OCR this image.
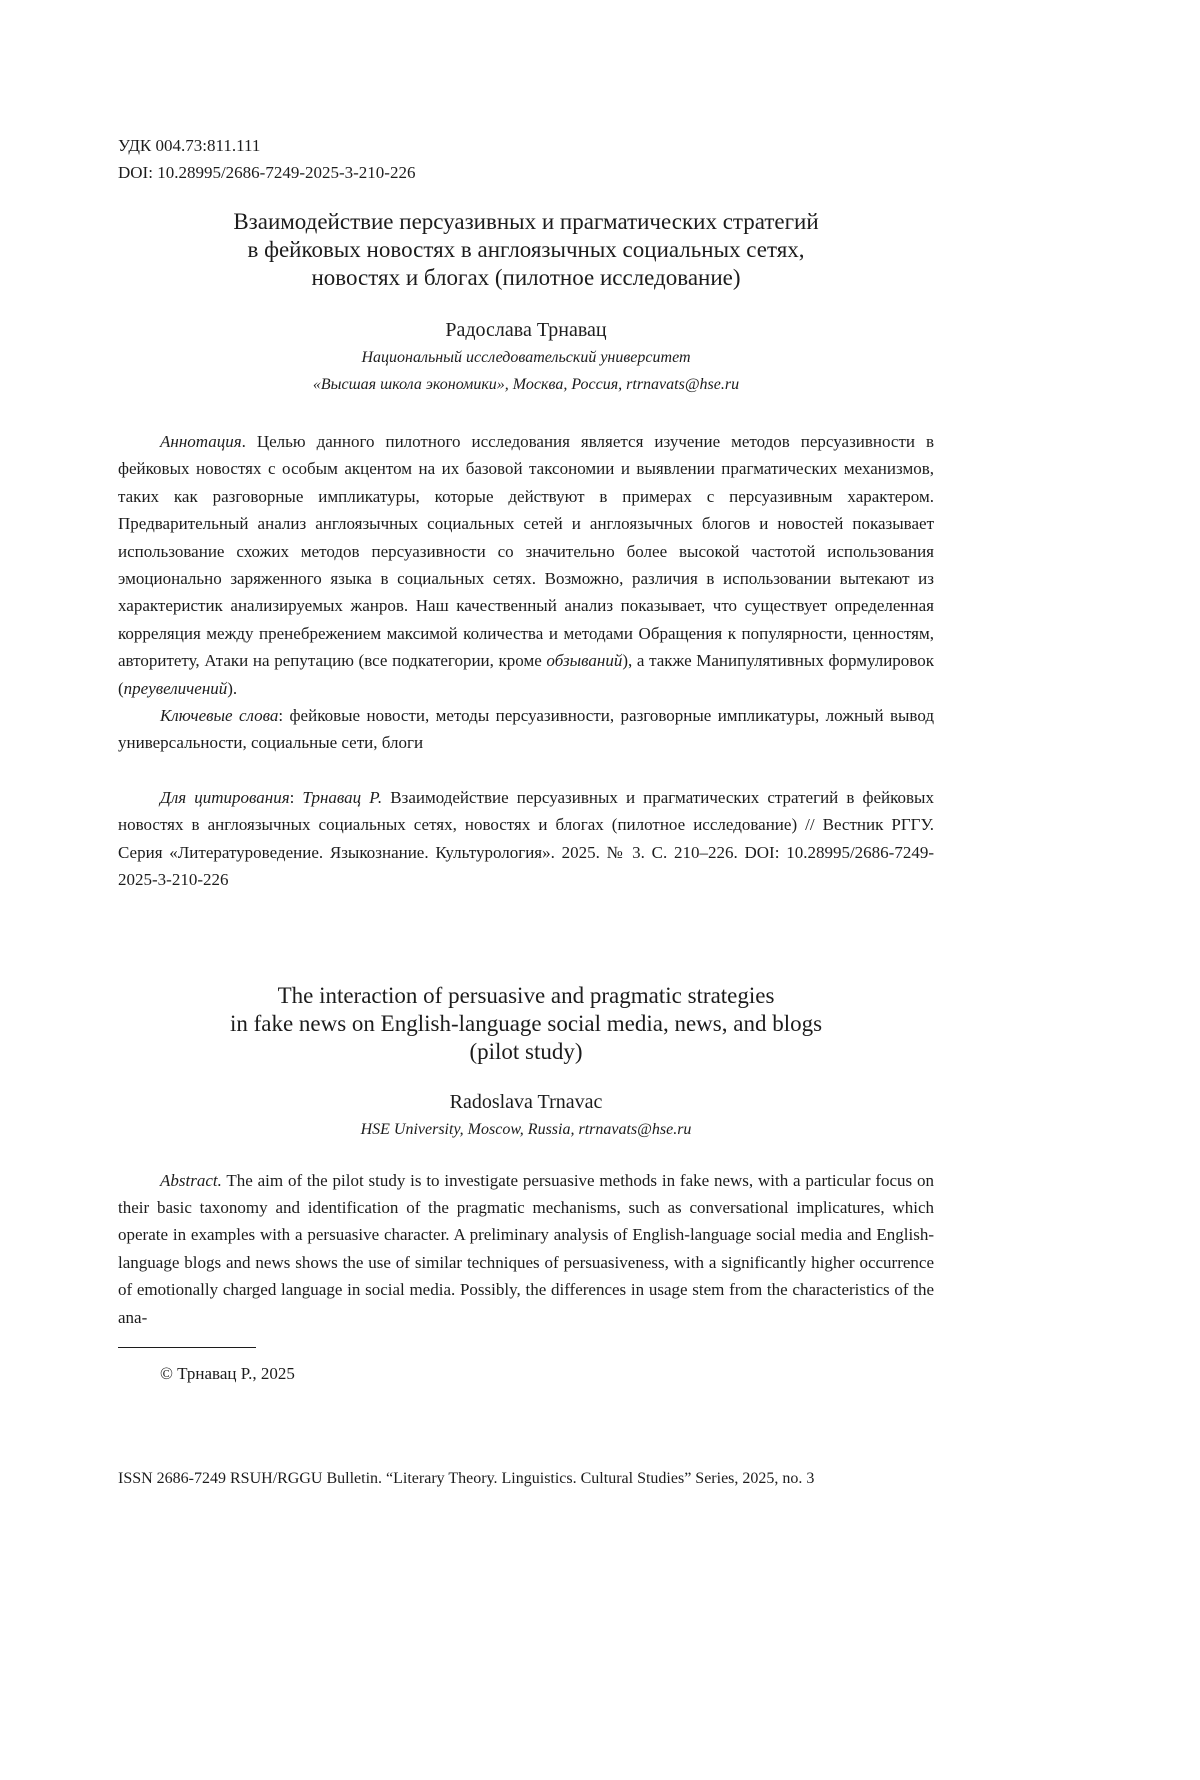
УДК 004.73:811.111
DOI: 10.28995/2686-7249-2025-3-210-226
Взаимодействие персуазивных и прагматических стратегий
в фейковых новостях в англоязычных социальных сетях,
новостях и блогах (пилотное исследование)
Радослава Трнавац
Национальный исследовательский университет
«Высшая школа экономики», Москва, Россия, rtrnavats@hse.ru

Аннотация. Целью данного пилотного исследования является изучение методов персуазивности в фейковых новостях с особым акцентом на их базовой таксономии и выявлении прагматических механизмов, таких как разговорные импликатуры, которые действуют в примерах с персуазивным характером. Предварительный анализ англоязычных социальных сетей и англоязычных блогов и новостей показывает использование схожих методов персуазивности со значительно более высокой частотой использования эмоционально заряженного языка в социальных сетях. Возможно, различия в использовании вытекают из характеристик анализируемых жанров. Наш качественный анализ показывает, что существует определенная корреляция между пренебрежением максимой количества и методами Обращения к популярности, ценностям, авторитету, Атаки на репутацию (все подкатегории, кроме обзываний), а также Манипулятивных формулировок (преувеличений).

Ключевые слова: фейковые новости, методы персуазивности, разговорные импликатуры, ложный вывод универсальности, социальные сети, блоги

Для цитирования: Трнавац Р. Взаимодействие персуазивных и прагматических стратегий в фейковых новостях в англоязычных социальных сетях, новостях и блогах (пилотное исследование) // Вестник РГГУ. Серия «Литературоведение. Языкознание. Культурология». 2025. № 3. С. 210–226. DOI: 10.28995/2686-7249-2025-3-210-226

The interaction of persuasive and pragmatic strategies
in fake news on English-language social media, news, and blogs
(pilot study)
Radoslava Trnavac
HSE University, Moscow, Russia, rtrnavats@hse.ru

Abstract. The aim of the pilot study is to investigate persuasive methods in fake news, with a particular focus on their basic taxonomy and identification of the pragmatic mechanisms, such as conversational implicatures, which operate in examples with a persuasive character. A preliminary analysis of English-language social media and English-language blogs and news shows the use of similar techniques of persuasiveness, with a significantly higher occurrence of emotionally charged language in social media. Possibly, the differences in usage stem from the characteristics of the ana-

© Трнавац Р., 2025
ISSN 2686-7249 RSUH/RGGU Bulletin. “Literary Theory. Linguistics. Cultural Studies” Series, 2025, no. 3
